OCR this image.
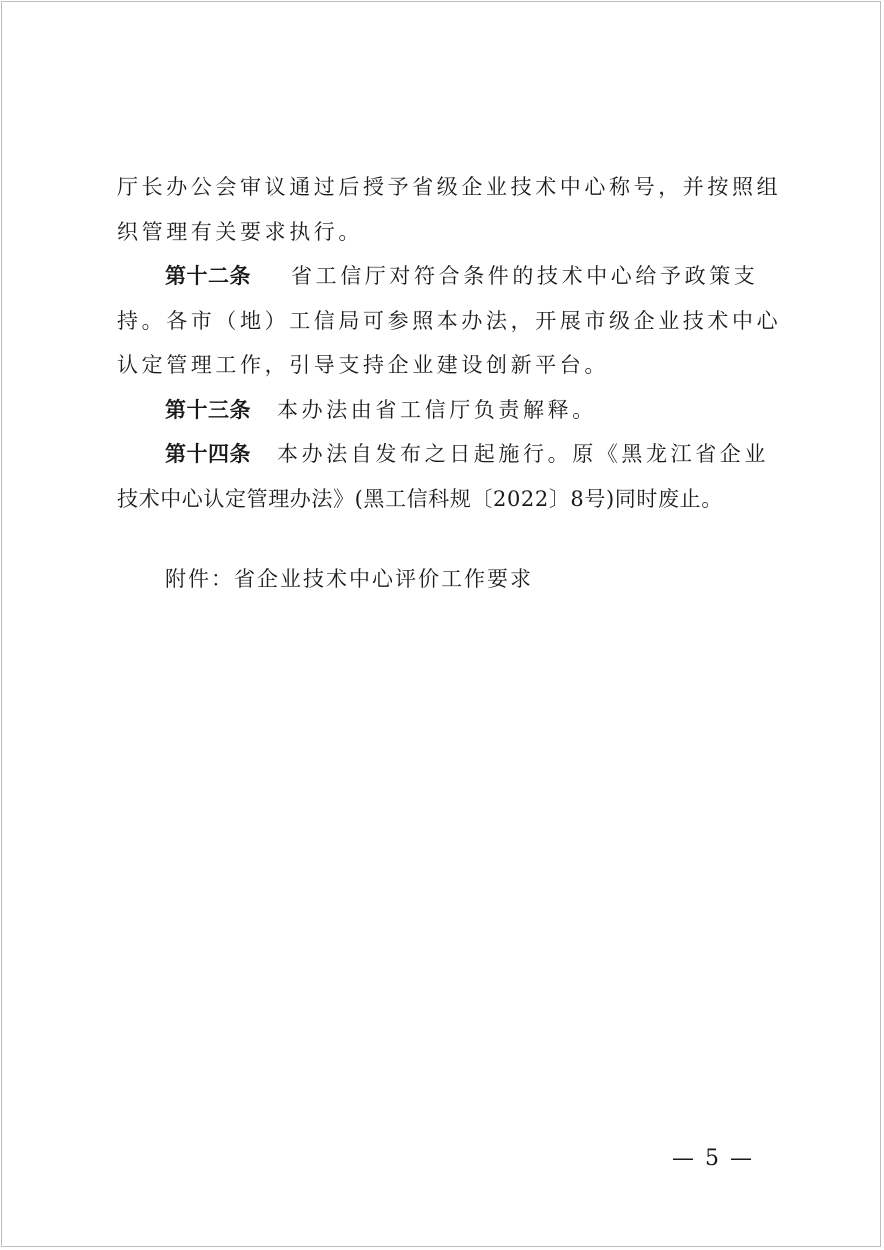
厅长办公会审议通过后授予省级企业技术中心称号，并按照组
织管理有关要求执行。
第十二条 省工信厅对符合条件的技术中心给予政策支
持。各市（地）工信局可参照本办法，开展市级企业技术中心
认定管理工作，引导支持企业建设创新平台。
第十三条 本办法由省工信厅负责解释。
第十四条 本办法自发布之日起施行。原《黑龙江省企业
技术中心认定管理办法》(黑工信科规〔2022〕8号)同时废止。
附件：省企业技术中心评价工作要求
— 5 —
